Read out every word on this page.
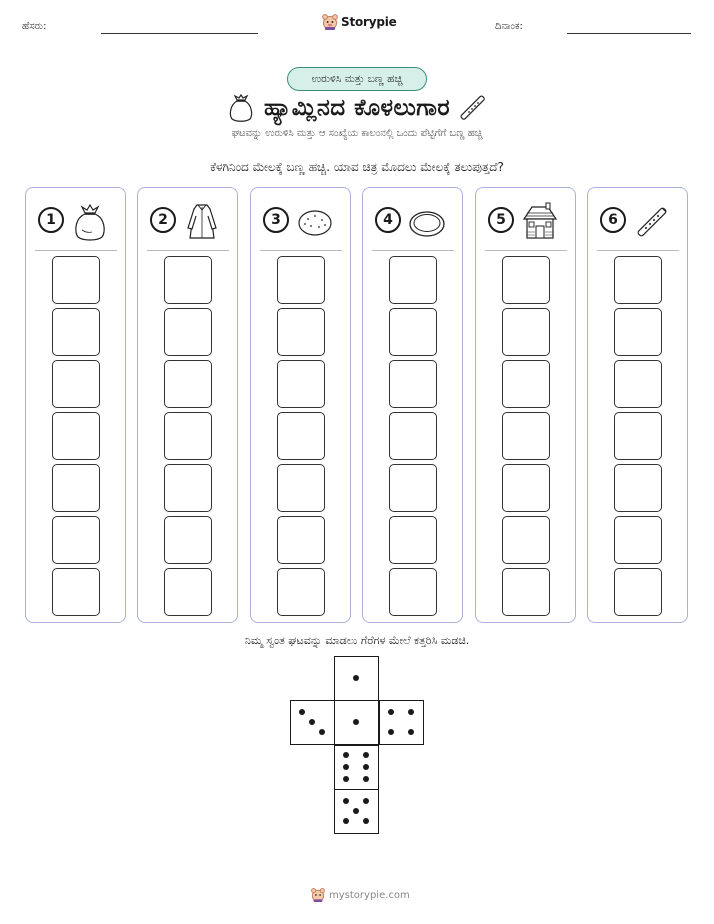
ಹೆಸರು:	Storypie	ದಿನಾಂಕ:
ಉರುಳಿಸಿ ಮತ್ತು ಬಣ್ಣ ಹಚ್ಚಿ
ಹ್ಯಾಮ್ಲಿನದ ಕೊಳಲುಗಾರ
ಘಟವನ್ನು ಉರುಳಿಸಿ ಮತ್ತು ಆ ಸಂಖ್ಯೆಯ ಕಾಲಂನಲ್ಲಿ ಒಂದು ಪೆಟ್ಟಿಗೆಗೆ ಬಣ್ಣ ಹಚ್ಚಿ
ಕೆಳಗಿನಿಂದ ಮೇಲಕ್ಕೆ ಬಣ್ಣ ಹಚ್ಚಿ. ಯಾವ ಚಿತ್ರ ಮೊದಲು ಮೇಲಕ್ಕೆ ತಲುಪುತ್ತದೆ?
1	2	3	4	5	6
ನಿಮ್ಮ ಸ್ವಂತ ಘಟವನ್ನು ಮಾಡಲು ಗೆರೆಗಳ ಮೇಲೆ ಕತ್ತರಿಸಿ ಮಡಚಿ.
mystorypie.com
